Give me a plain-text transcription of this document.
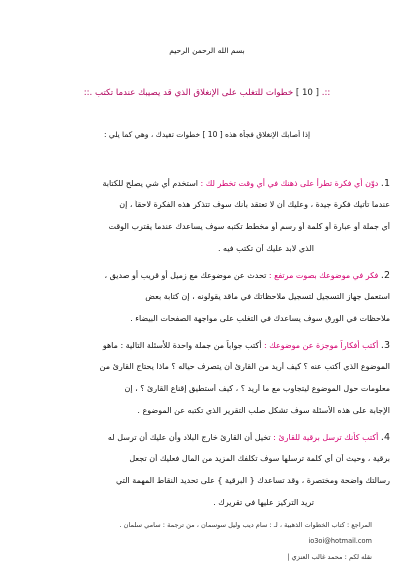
بسم الله الرحمن الرحيم
::. [ 10 ] خطوات للتغلب على الإنغلاق الذي قد يصيبك عندما تكتب .::
إذا أصابك الإنغلاق فجأة هذه [ 10 ] خطوات تفيدك ، وهي كما يلي :
1. دوّن أي فكرة تطرأ على ذهنك في أي وقت تخطر لك : استخدم أي شي يصلح للكتابة
عندما تأتيك فكرة جيدة ، وعليك أن لا تعتقد بأنك سوف تتذكر هذه الفكرة لاحقاً ، إن
أي جملة أو عبارة أو كلمة أو رسم أو مخطط تكتبه سوف يساعدك عندما يقترب الوقت
الذي لابد عليك أن تكتب فيه .
2. فكر في موضوعك بصوت مرتفع : تحدث عن موضوعك مع زميل أو قريب أو صديق ،
استعمل جهاز التسجيل لتسجيل ملاحظاتك في ماقد يقولونه ، إن كتابة بعض
ملاحظات في الورق سوف يساعدك في التغلب على مواجهة الصفحات البيضاء .
3. أكتب أفكاراً موجزة عن موضوعك : أكتب جواباً من جملة واحدة للأسئلة التالية : ماهو
الموضوع الذي أكتب عنه ؟ كيف أريد من القارئ أن يتصرف حياله ؟ ماذا يحتاج القارئ من
معلومات حول الموضوع ليتجاوب مع ما أريد ؟ ، كيف أستطيق إقناع القارئ ؟ ، إن
الإجابة على هذه الأسئلة سوف تشكل صلب التقرير الذي تكتبه عن الموضوع .
4. أكتب كأنك ترسل برقية للقارئ : تخيل أن القارئ خارج البلاد وأن عليك أن ترسل له
برقية ، وحيث أن أي كلمة ترسلها سوف تكلفك المزيد من المال فعليك أن تجعل
رسالتك واضحة ومختصرة ، وقد تساعدك { البرقية } على تحديد النقاط المهمة التي
تريد التركيز عليها في تقريرك .
المراجع : كتاب الخطوات الذهبية ، لـ : سام ديب وليل سوسمان ، من ترجمة : سامي سلمان .
io3oi@hotmail.com
نقله لكم : محمد غالب العنزي |
